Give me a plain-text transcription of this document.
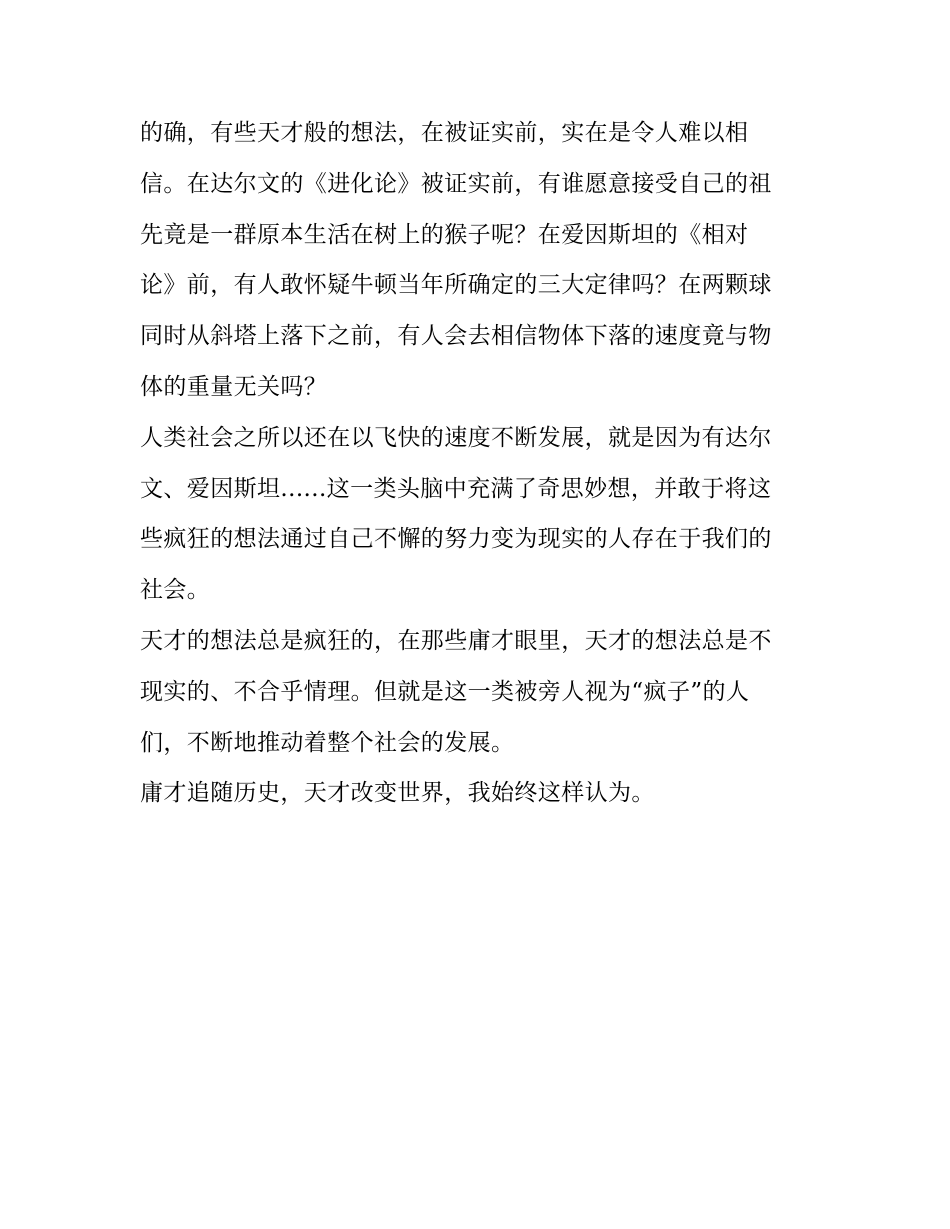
的确，有些天才般的想法，在被证实前，实在是令人难以相
信。在达尔文的《进化论》被证实前，有谁愿意接受自己的祖
先竟是一群原本生活在树上的猴子呢？在爱因斯坦的《相对
论》前，有人敢怀疑牛顿当年所确定的三大定律吗？在两颗球
同时从斜塔上落下之前，有人会去相信物体下落的速度竟与物
体的重量无关吗？
人类社会之所以还在以飞快的速度不断发展，就是因为有达尔
文、爱因斯坦......这一类头脑中充满了奇思妙想，并敢于将这
些疯狂的想法通过自己不懈的努力变为现实的人存在于我们的
社会。
天才的想法总是疯狂的，在那些庸才眼里，天才的想法总是不
现实的、不合乎情理。但就是这一类被旁人视为“疯子”的人
们，不断地推动着整个社会的发展。
庸才追随历史，天才改变世界，我始终这样认为。
